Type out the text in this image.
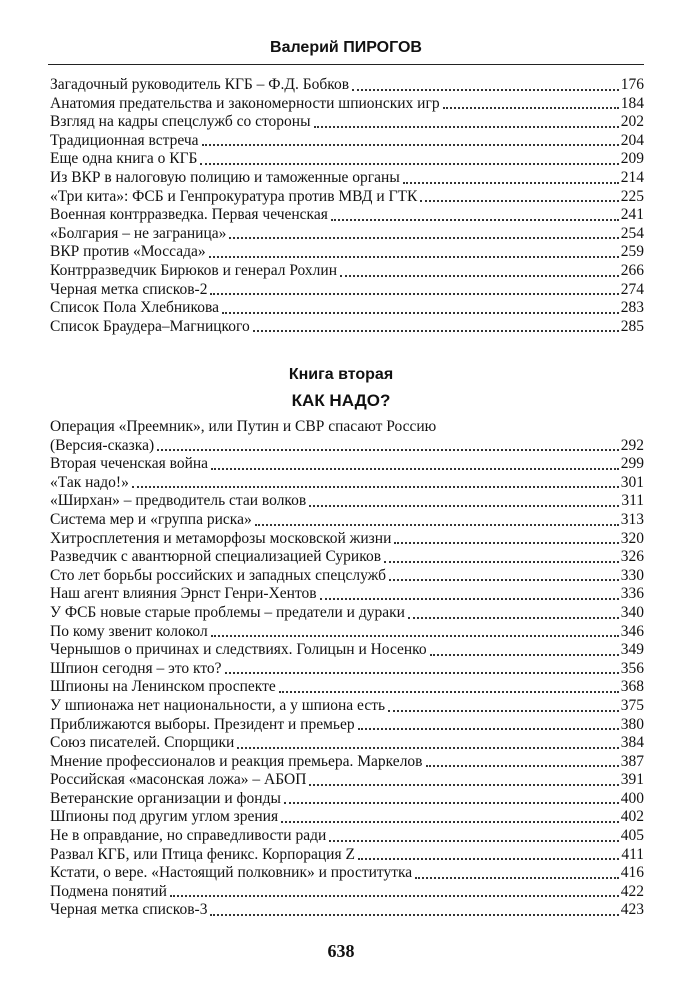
Валерий ПИРОГОВ
Загадочный руководитель КГБ – Ф.Д. Бобков	176
Анатомия предательства и закономерности шпионских игр	184
Взгляд на кадры спецслужб со стороны	202
Традиционная встреча	204
Еще одна книга о КГБ	209
Из ВКР в налоговую полицию и таможенные органы	214
«Три кита»: ФСБ и Генпрокуратура против МВД и ГТК	225
Военная контрразведка. Первая чеченская	241
«Болгария – не заграница»	254
ВКР против «Моссада»	259
Контрразведчик Бирюков и генерал Рохлин	266
Черная метка списков-2	274
Список Пола Хлебникова	283
Список Браудера–Магницкого	285
Книга вторая
КАК НАДО?
Операция «Преемник», или Путин и СВР спасают Россию
(Версия-сказка)	292
Вторая чеченская война	299
«Так надо!»	301
«Ширхан» – предводитель стаи волков	311
Система мер и «группа риска»	313
Хитросплетения и метаморфозы московской жизни	320
Разведчик с авантюрной специализацией Суриков	326
Сто лет борьбы российских и западных спецслужб	330
Наш агент влияния Эрнст Генри-Хентов	336
У ФСБ новые старые проблемы – предатели и дураки	340
По кому звенит колокол	346
Чернышов о причинах и следствиях. Голицын и Носенко	349
Шпион сегодня – это кто?	356
Шпионы на Ленинском проспекте	368
У шпионажа нет национальности, а у шпиона есть	375
Приближаются выборы. Президент и премьер	380
Союз писателей. Спорщики	384
Мнение профессионалов и реакция премьера. Маркелов	387
Российская «масонская ложа» – АБОП	391
Ветеранские организации и фонды	400
Шпионы под другим углом зрения	402
Не в оправдание, но справедливости ради	405
Развал КГБ, или Птица феникс. Корпорация Z	411
Кстати, о вере. «Настоящий полковник» и проститутка	416
Подмена понятий	422
Черная метка списков-3	423
638
